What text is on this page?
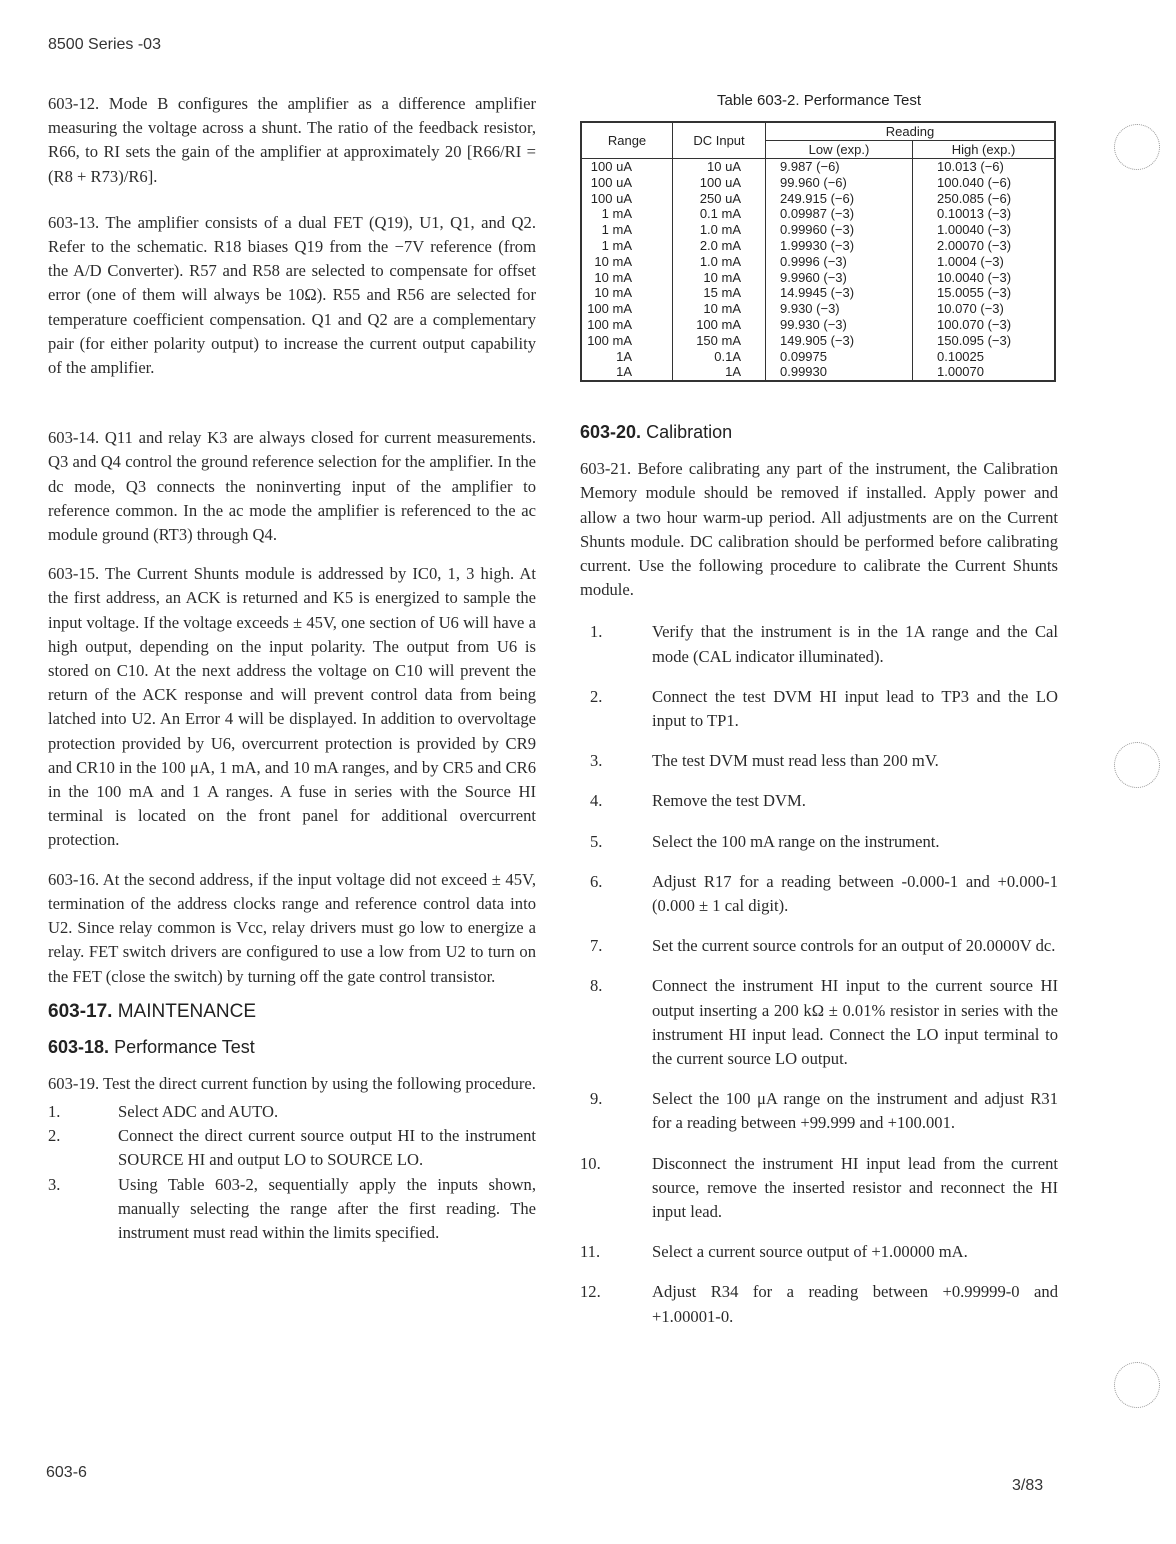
8500 Series -03
603-6
3/83

603-12. Mode B configures the amplifier as a difference amplifier measuring the voltage across a shunt. The ratio of the feedback resistor, R66, to RΙ sets the gain of the amplifier at approximately 20 [R66/RΙ = (R8 + R73)/R6].

603-13. The amplifier consists of a dual FET (Q19), U1, Q1, and Q2. Refer to the schematic. R18 biases Q19 from the −7V reference (from the A/D Converter). R57 and R58 are selected to compensate for offset error (one of them will always be 10Ω). R55 and R56 are selected for temperature coefficient compensation. Q1 and Q2 are a complementary pair (for either polarity output) to increase the current output capability of the amplifier.

603-14. Q11 and relay K3 are always closed for current measurements. Q3 and Q4 control the ground reference selection for the amplifier. In the dc mode, Q3 connects the noninverting input of the amplifier to reference common. In the ac mode the amplifier is referenced to the ac module ground (RT3) through Q4.

603-15. The Current Shunts module is addressed by IC0, 1, 3 high. At the first address, an ACK is returned and K5 is energized to sample the input voltage. If the voltage exceeds ± 45V, one section of U6 will have a high output, depending on the input polarity. The output from U6 is stored on C10. At the next address the voltage on C10 will prevent the return of the ACK response and will prevent control data from being latched into U2. An Error 4 will be displayed. In addition to overvoltage protection provided by U6, overcurrent protection is provided by CR9 and CR10 in the 100 μA, 1 mA, and 10 mA ranges, and by CR5 and CR6 in the 100 mA and 1 A ranges. A fuse in series with the Source HI terminal is located on the front panel for additional overcurrent protection.

603-16. At the second address, if the input voltage did not exceed ± 45V, termination of the address clocks range and reference control data into U2. Since relay common is Vcc, relay drivers must go low to energize a relay. FET switch drivers are configured to use a low from U2 to turn on the FET (close the switch) by turning off the gate control transistor.

603-17. MAINTENANCE
603-18. Performance Test

603-19. Test the direct current function by using the following procedure.

1.	Select ADC and AUTO.
2.	Connect the direct current source output HI to the instrument SOURCE HI and output LO to SOURCE LO.
3.	Using Table 603-2, sequentially apply the inputs shown, manually selecting the range after the first reading. The instrument must read within the limits specified.
Table 603-2. Performance Test
Range	DC Input	Reading	
		Low (exp.)	High (exp.)
100 uA	10 uA	9.987 (−6)	10.013 (−6)
100 uA	100 uA	99.960 (−6)	100.040 (−6)
100 uA	250 uA	249.915 (−6)	250.085 (−6)
1 mA	0.1 mA	0.09987 (−3)	0.10013 (−3)
1 mA	1.0 mA	0.99960 (−3)	1.00040 (−3)
1 mA	2.0 mA	1.99930 (−3)	2.00070 (−3)
10 mA	1.0 mA	0.9996 (−3)	1.0004 (−3)
10 mA	10 mA	9.9960 (−3)	10.0040 (−3)
10 mA	15 mA	14.9945 (−3)	15.0055 (−3)
100 mA	10 mA	9.930 (−3)	10.070 (−3)
100 mA	100 mA	99.930 (−3)	100.070 (−3)
100 mA	150 mA	149.905 (−3)	150.095 (−3)
1A	0.1A	0.09975	0.10025
1A	1A	0.99930	1.00070
603-20. Calibration

603-21. Before calibrating any part of the instrument, the Calibration Memory module should be removed if installed. Apply power and allow a two hour warm-up period. All adjustments are on the Current Shunts module. DC calibration should be performed before calibrating current. Use the following procedure to calibrate the Current Shunts module.

1.	Verify that the instrument is in the 1A range and the Cal mode (CAL indicator illuminated).
2.	Connect the test DVM HI input lead to TP3 and the LO input to TP1.
3.	The test DVM must read less than 200 mV.
4.	Remove the test DVM.
5.	Select the 100 mA range on the instrument.
6.	Adjust R17 for a reading between -0.000-1 and +0.000-1 (0.000 ± 1 cal digit).
7.	Set the current source controls for an output of 20.0000V dc.
8.	Connect the instrument HI input to the current source HI output inserting a 200 kΩ ± 0.01% resistor in series with the instrument HI input lead. Connect the LO input terminal to the current source LO output.
9.	Select the 100 μA range on the instrument and adjust R31 for a reading between +99.999 and +100.001.
10.	Disconnect the instrument HI input lead from the current source, remove the inserted resistor and reconnect the HI input lead.
11.	Select a current source output of +1.00000 mA.
12.	Adjust R34 for a reading between +0.99999-0 and +1.00001-0.
